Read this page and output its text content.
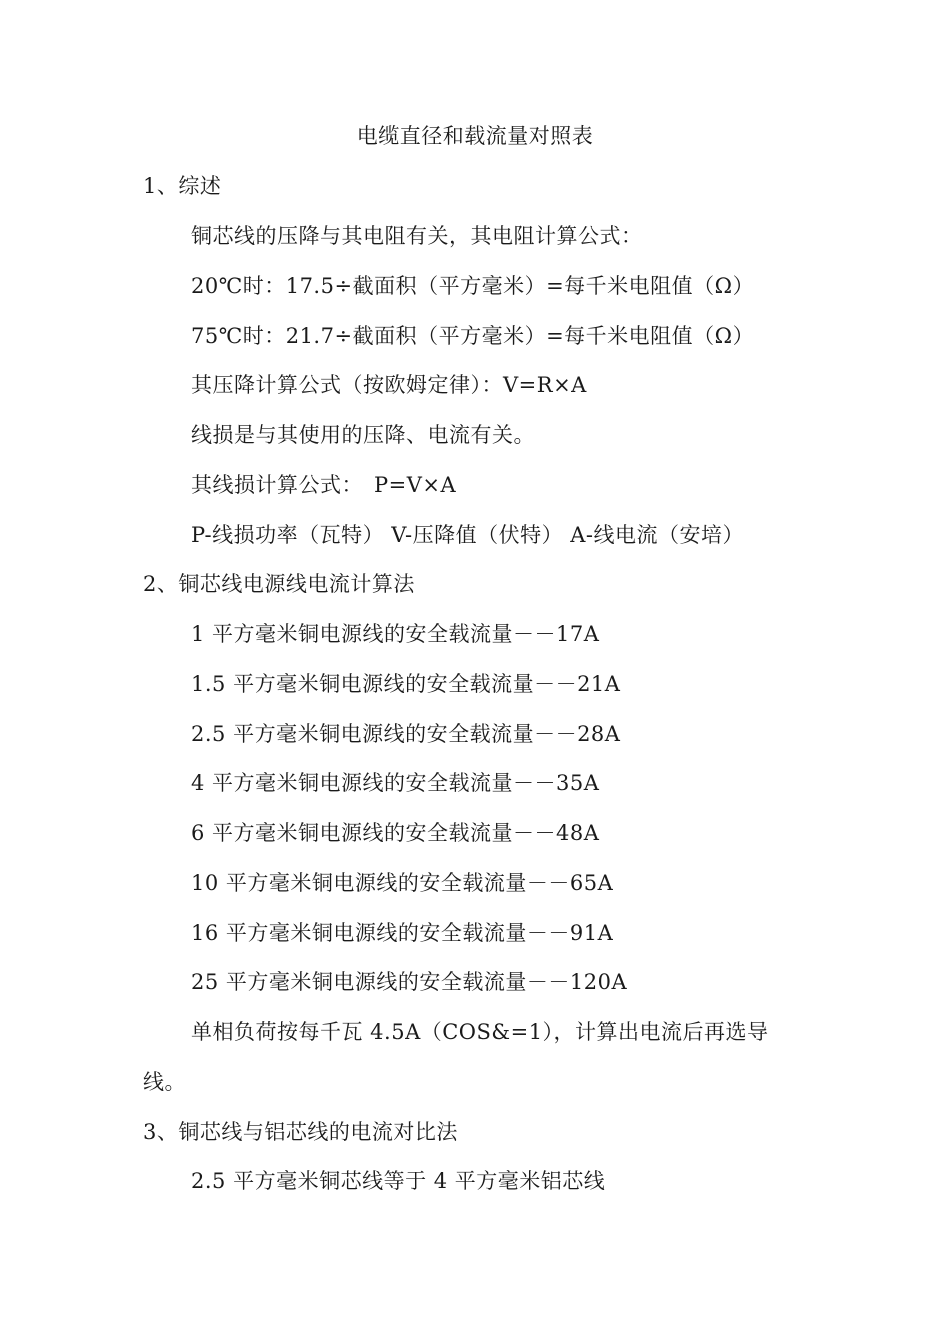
电缆直径和载流量对照表
1、综述
铜芯线的压降与其电阻有关，其电阻计算公式：
20℃时：17.5÷截面积（平方毫米）=每千米电阻值（Ω）
75℃时：21.7÷截面积（平方毫米）=每千米电阻值（Ω）
其压降计算公式（按欧姆定律）：V=R×A
线损是与其使用的压降、电流有关。
其线损计算公式：　P=V×A
P-线损功率（瓦特） V-压降值（伏特） A-线电流（安培）
2、铜芯线电源线电流计算法
1 平方毫米铜电源线的安全载流量－－17A
1.5 平方毫米铜电源线的安全载流量－－21A
2.5 平方毫米铜电源线的安全载流量－－28A
4 平方毫米铜电源线的安全载流量－－35A
6 平方毫米铜电源线的安全载流量－－48A
10 平方毫米铜电源线的安全载流量－－65A
16 平方毫米铜电源线的安全载流量－－91A
25 平方毫米铜电源线的安全载流量－－120A
单相负荷按每千瓦 4.5A（COS&=1），计算出电流后再选导
线。
3、铜芯线与铝芯线的电流对比法
2.5 平方毫米铜芯线等于 4 平方毫米铝芯线
